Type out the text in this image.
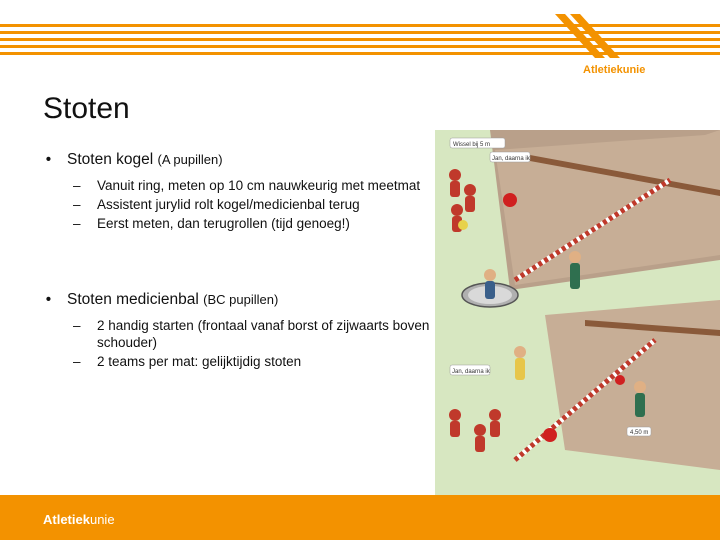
Atletiekunie
Stoten
•	Stoten kogel (A pupillen)
–	Vanuit ring, meten op 10 cm nauwkeurig met meetmat
–	Assistent jurylid rolt kogel/medicienbal terug
–	Eerst meten, dan terugrollen (tijd genoeg!)
•	Stoten medicienbal (BC pupillen)
–	2 handig starten (frontaal vanaf borst of zijwaarts boven schouder)
–	2 teams per mat: gelijktijdig stoten
Wissel bij 5 m
Jan, daarna ik
Jan, daarna ik
4,50 m
Atletiekunie
